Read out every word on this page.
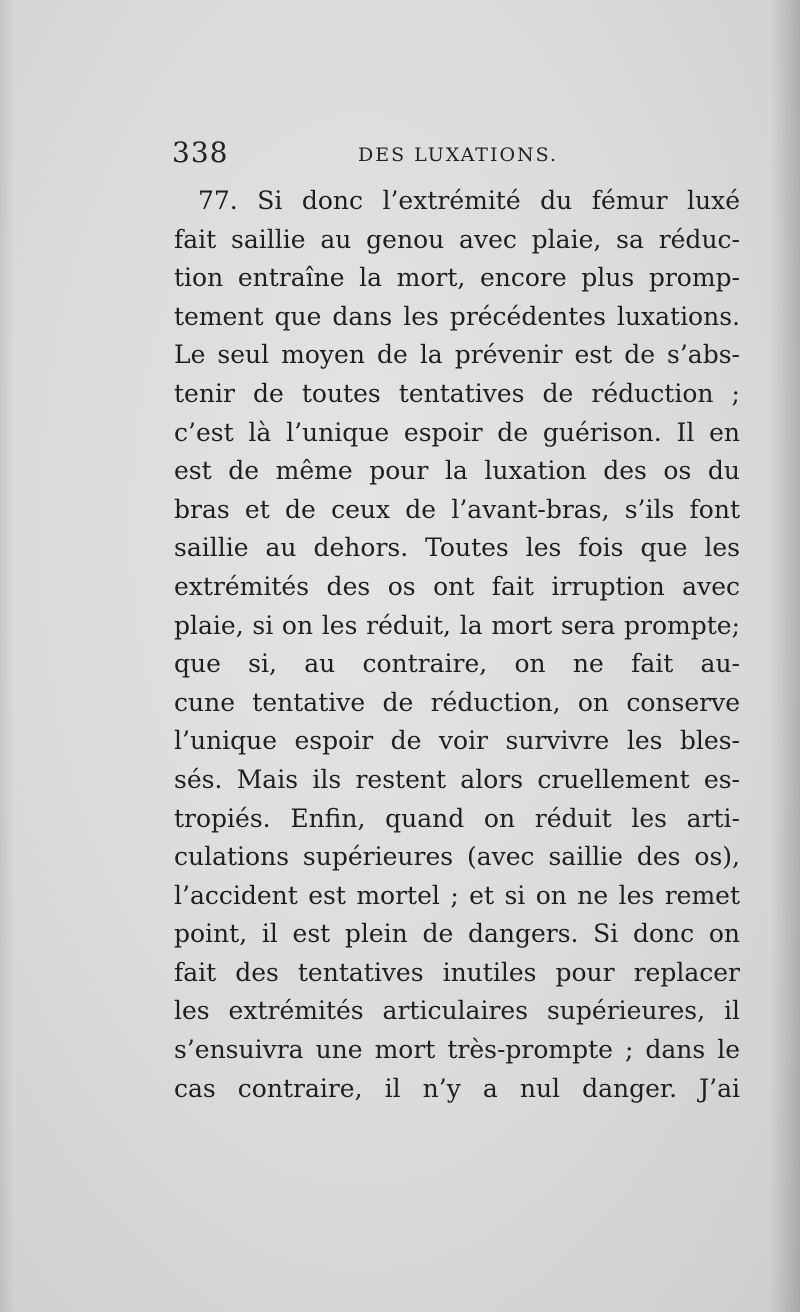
338	DES LUXATIONS.
77. Si donc l’extrémité du fémur luxé
fait saillie au genou avec plaie, sa réduc-
tion entraîne la mort, encore plus promp-
tement que dans les précédentes luxations.
Le seul moyen de la prévenir est de s’abs-
tenir de toutes tentatives de réduction ;
c’est là l’unique espoir de guérison. Il en
est de même pour la luxation des os du
bras et de ceux de l’avant-bras, s’ils font
saillie au dehors. Toutes les fois que les
extrémités des os ont fait irruption avec
plaie, si on les réduit, la mort sera prompte;
que si, au contraire, on ne fait au-
cune tentative de réduction, on conserve
l’unique espoir de voir survivre les bles-
sés. Mais ils restent alors cruellement es-
tropiés. Enfin, quand on réduit les arti-
culations supérieures (avec saillie des os),
l’accident est mortel ; et si on ne les remet
point, il est plein de dangers. Si donc on
fait des tentatives inutiles pour replacer
les extrémités articulaires supérieures, il
s’ensuivra une mort très-prompte ; dans le
cas contraire, il n’y a nul danger. J’ai
